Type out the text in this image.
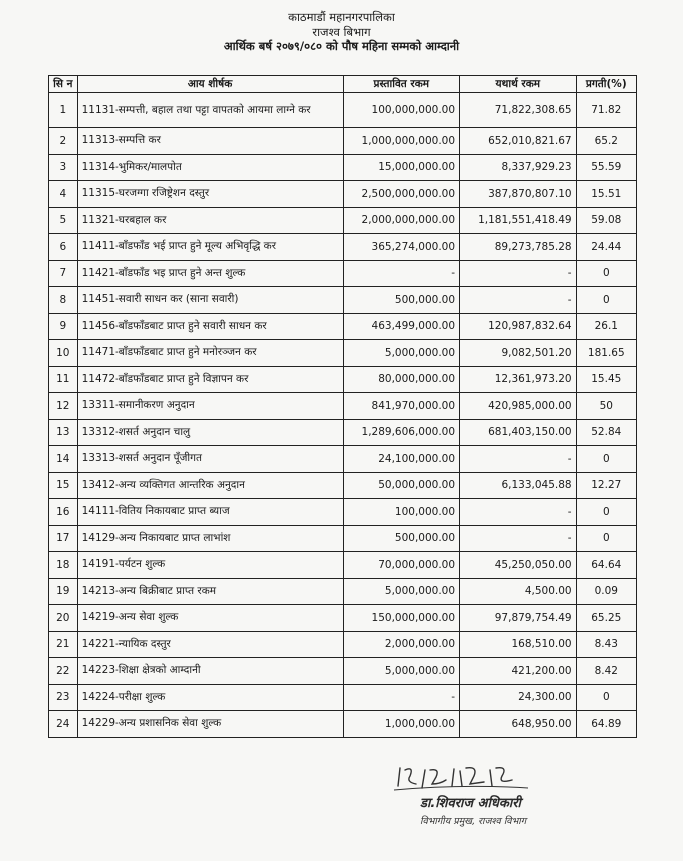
काठमाडौं महानगरपालिका
राजश्व बिभाग
आर्थिक बर्ष २०७९/०८० को पौष महिना सम्मको आम्दानी
सि न	आय शीर्षक	प्रस्तावित रकम	यथार्थ रकम	प्रगती(%)
1	11131-सम्पत्ती, बहाल तथा पट्टा वापतको आयमा लाग्ने कर	100,000,000.00	71,822,308.65	71.82
2	11313-सम्पत्ति कर	1,000,000,000.00	652,010,821.67	65.2
3	11314-भुमिकर/मालपोत	15,000,000.00	8,337,929.23	55.59
4	11315-घरजग्गा रजिष्ट्रेशन दस्तुर	2,500,000,000.00	387,870,807.10	15.51
5	11321-घरबहाल कर	2,000,000,000.00	1,181,551,418.49	59.08
6	11411-बाँडफाँड भई प्राप्त हुने मूल्य अभिवृद्धि कर	365,274,000.00	89,273,785.28	24.44
7	11421-बाँडफाँड भइ प्राप्त हुने अन्त शुल्क	-	-	0
8	11451-सवारी साधन कर (साना सवारी)	500,000.00	-	0
9	11456-बाँडफाँडबाट प्राप्त हुने सवारी साधन कर	463,499,000.00	120,987,832.64	26.1
10	11471-बाँडफाँडबाट प्राप्त हुने मनोरञ्जन कर	5,000,000.00	9,082,501.20	181.65
11	11472-बाँडफाँडबाट प्राप्त हुने विज्ञापन कर	80,000,000.00	12,361,973.20	15.45
12	13311-समानीकरण अनुदान	841,970,000.00	420,985,000.00	50
13	13312-शसर्त अनुदान चालु	1,289,606,000.00	681,403,150.00	52.84
14	13313-शसर्त अनुदान पूँजीगत	24,100,000.00	-	0
15	13412-अन्य व्यक्तिगत आन्तरिक अनुदान	50,000,000.00	6,133,045.88	12.27
16	14111-वितिय निकायबाट प्राप्त ब्याज	100,000.00	-	0
17	14129-अन्य निकायबाट प्राप्त लाभांश	500,000.00	-	0
18	14191-पर्यटन शुल्क	70,000,000.00	45,250,050.00	64.64
19	14213-अन्य बिक्रीबाट प्राप्त रकम	5,000,000.00	4,500.00	0.09
20	14219-अन्य सेवा शुल्क	150,000,000.00	97,879,754.49	65.25
21	14221-न्यायिक दस्तुर	2,000,000.00	168,510.00	8.43
22	14223-शिक्षा क्षेत्रको आम्दानी	5,000,000.00	421,200.00	8.42
23	14224-परीक्षा शुल्क	-	24,300.00	0
24	14229-अन्य प्रशासनिक सेवा शुल्क	1,000,000.00	648,950.00	64.89
डा.शिवराज अधिकारी
विभागीय प्रमुख, राजश्व विभाग
